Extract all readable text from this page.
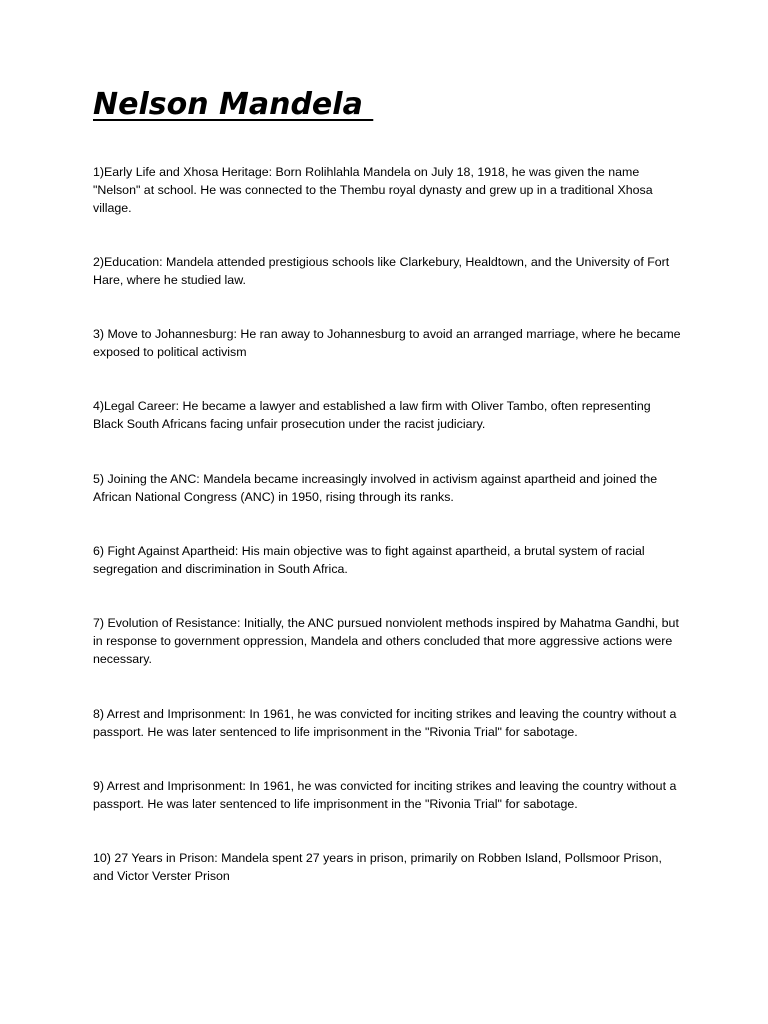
Nelson Mandela

1)Early Life and Xhosa Heritage: Born Rolihlahla Mandela on July 18, 1918, he was given the name "Nelson" at school. He was connected to the Thembu royal dynasty and grew up in a traditional Xhosa village.

2)Education: Mandela attended prestigious schools like Clarkebury, Healdtown, and the University of Fort Hare, where he studied law.

3) Move to Johannesburg: He ran away to Johannesburg to avoid an arranged marriage, where he became exposed to political activism

4)Legal Career: He became a lawyer and established a law firm with Oliver Tambo, often representing Black South Africans facing unfair prosecution under the racist judiciary.

5) Joining the ANC: Mandela became increasingly involved in activism against apartheid and joined the African National Congress (ANC) in 1950, rising through its ranks.

6) Fight Against Apartheid: His main objective was to fight against apartheid, a brutal system of racial segregation and discrimination in South Africa.

7) Evolution of Resistance: Initially, the ANC pursued nonviolent methods inspired by Mahatma Gandhi, but in response to government oppression, Mandela and others concluded that more aggressive actions were necessary.

8) Arrest and Imprisonment: In 1961, he was convicted for inciting strikes and leaving the country without a passport. He was later sentenced to life imprisonment in the "Rivonia Trial" for sabotage.

9) Arrest and Imprisonment: In 1961, he was convicted for inciting strikes and leaving the country without a passport. He was later sentenced to life imprisonment in the "Rivonia Trial" for sabotage.

10) 27 Years in Prison: Mandela spent 27 years in prison, primarily on Robben Island, Pollsmoor Prison, and Victor Verster Prison
